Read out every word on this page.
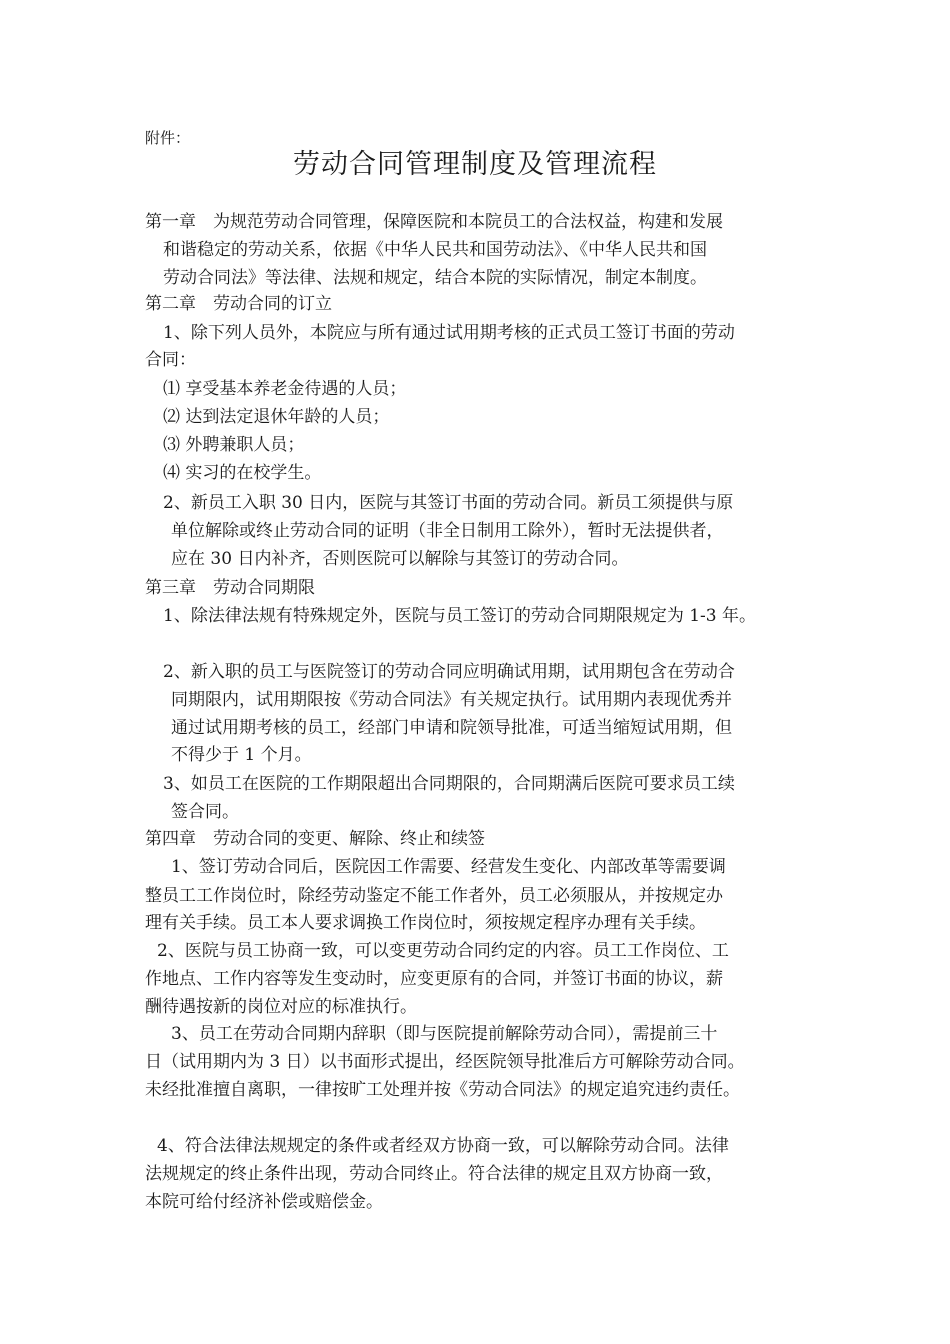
附件：
劳动合同管理制度及管理流程
第一章　为规范劳动合同管理，保障医院和本院员工的合法权益，构建和发展
和谐稳定的劳动关系，依据《中华人民共和国劳动法》、《中华人民共和国
劳动合同法》等法律、法规和规定，结合本院的实际情况，制定本制度。
第二章　劳动合同的订立
1、除下列人员外，本院应与所有通过试用期考核的正式员工签订书面的劳动
合同：
⑴ 享受基本养老金待遇的人员；
⑵ 达到法定退休年龄的人员；
⑶ 外聘兼职人员；
⑷ 实习的在校学生。
2、新员工入职 30 日内，医院与其签订书面的劳动合同。新员工须提供与原
单位解除或终止劳动合同的证明（非全日制用工除外），暂时无法提供者，
应在 30 日内补齐，否则医院可以解除与其签订的劳动合同。
第三章　劳动合同期限
1、除法律法规有特殊规定外，医院与员工签订的劳动合同期限规定为 1-3 年。
2、新入职的员工与医院签订的劳动合同应明确试用期，试用期包含在劳动合
同期限内，试用期限按《劳动合同法》有关规定执行。试用期内表现优秀并
通过试用期考核的员工，经部门申请和院领导批准，可适当缩短试用期，但
不得少于 1 个月。
3、如员工在医院的工作期限超出合同期限的，合同期满后医院可要求员工续
签合同。
第四章　劳动合同的变更、解除、终止和续签
1、签订劳动合同后，医院因工作需要、经营发生变化、内部改革等需要调
整员工工作岗位时，除经劳动鉴定不能工作者外，员工必须服从，并按规定办
理有关手续。员工本人要求调换工作岗位时，须按规定程序办理有关手续。
2、医院与员工协商一致，可以变更劳动合同约定的内容。员工工作岗位、工
作地点、工作内容等发生变动时，应变更原有的合同，并签订书面的协议，薪
酬待遇按新的岗位对应的标准执行。
3、员工在劳动合同期内辞职（即与医院提前解除劳动合同），需提前三十
日（试用期内为 3 日）以书面形式提出，经医院领导批准后方可解除劳动合同。
未经批准擅自离职，一律按旷工处理并按《劳动合同法》的规定追究违约责任。
4、符合法律法规规定的条件或者经双方协商一致，可以解除劳动合同。法律
法规规定的终止条件出现，劳动合同终止。符合法律的规定且双方协商一致，
本院可给付经济补偿或赔偿金。
